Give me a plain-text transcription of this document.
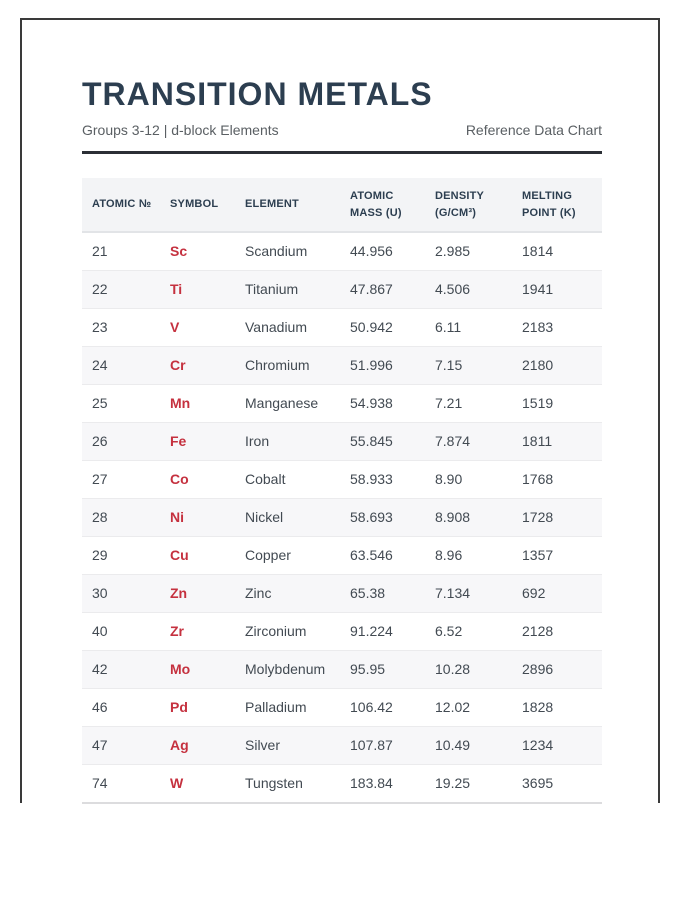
TRANSITION METALS
Groups 3-12 | d-block Elements	Reference Data Chart
ATOMIC №	SYMBOL	ELEMENT	ATOMIC MASS (U)	DENSITY (G/CM³)	MELTING POINT (K)
21	Sc	Scandium	44.956	2.985	1814
22	Ti	Titanium	47.867	4.506	1941
23	V	Vanadium	50.942	6.11	2183
24	Cr	Chromium	51.996	7.15	2180
25	Mn	Manganese	54.938	7.21	1519
26	Fe	Iron	55.845	7.874	1811
27	Co	Cobalt	58.933	8.90	1768
28	Ni	Nickel	58.693	8.908	1728
29	Cu	Copper	63.546	8.96	1357
30	Zn	Zinc	65.38	7.134	692
40	Zr	Zirconium	91.224	6.52	2128
42	Mo	Molybdenum	95.95	10.28	2896
46	Pd	Palladium	106.42	12.02	1828
47	Ag	Silver	107.87	10.49	1234
74	W	Tungsten	183.84	19.25	3695
